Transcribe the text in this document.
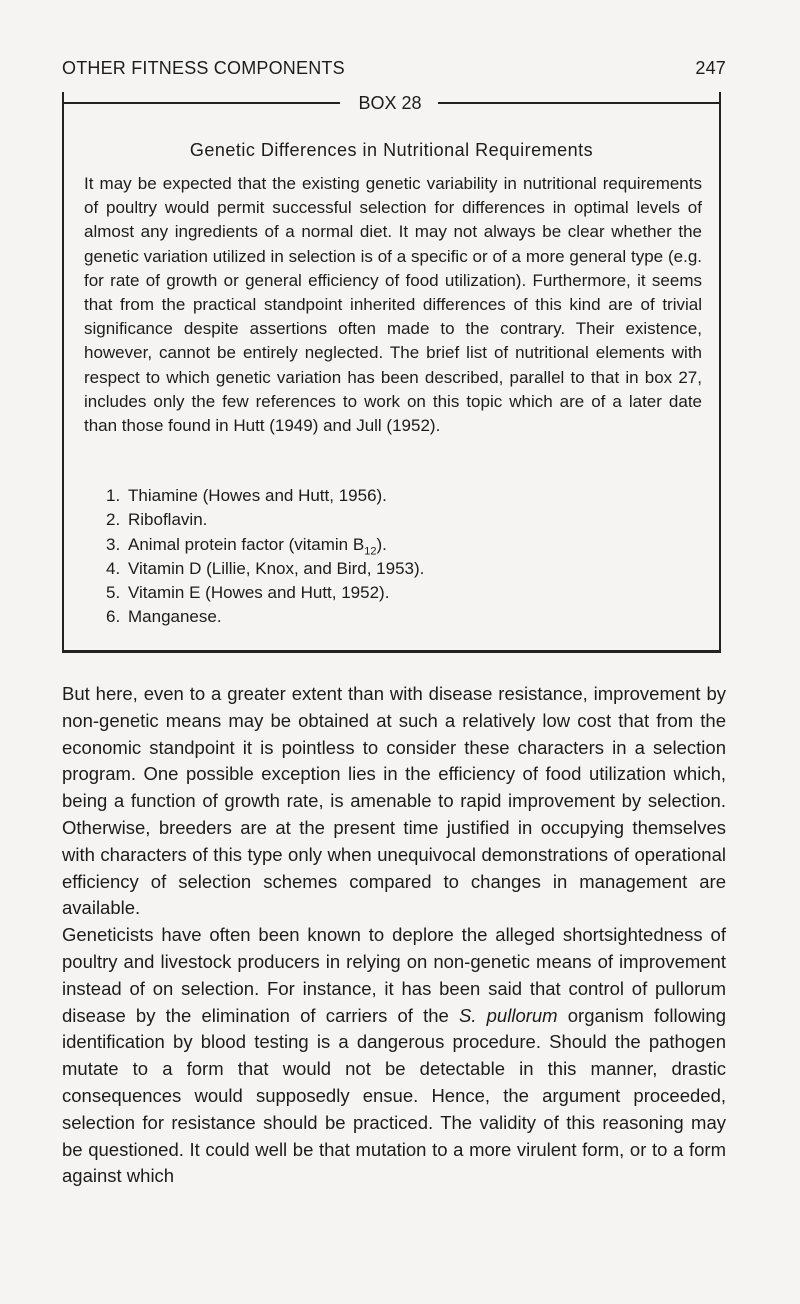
OTHER FITNESS COMPONENTS	247
BOX 28
Genetic Differences in Nutritional Requirements

It may be expected that the existing genetic variability in nutritional requirements of poultry would permit successful selection for differences in optimal levels of almost any ingredients of a normal diet. It may not always be clear whether the genetic variation utilized in selection is of a specific or of a more general type (e.g. for rate of growth or general efficiency of food utilization). Furthermore, it seems that from the practical standpoint inherited differences of this kind are of trivial significance despite assertions often made to the contrary. Their existence, however, cannot be entirely neglected. The brief list of nutritional elements with respect to which genetic variation has been described, parallel to that in box 27, includes only the few references to work on this topic which are of a later date than those found in Hutt (1949) and Jull (1952).

1. Thiamine (Howes and Hutt, 1956).
2. Riboflavin.
3. Animal protein factor (vitamin $B_{12}$).
4. Vitamin D (Lillie, Knox, and Bird, 1953).
5. Vitamin E (Howes and Hutt, 1952).
6. Manganese.

But here, even to a greater extent than with disease resistance, improvement by non-genetic means may be obtained at such a relatively low cost that from the economic standpoint it is pointless to consider these characters in a selection program. One possible exception lies in the efficiency of food utilization which, being a function of growth rate, is amenable to rapid improvement by selection. Otherwise, breeders are at the present time justified in occupying themselves with characters of this type only when unequivocal demonstrations of operational efficiency of selection schemes compared to changes in management are available.

Geneticists have often been known to deplore the alleged shortsightedness of poultry and livestock producers in relying on non-genetic means of improvement instead of on selection. For instance, it has been said that control of pullorum disease by the elimination of carriers of the S. pullorum organism following identification by blood testing is a dangerous procedure. Should the pathogen mutate to a form that would not be detectable in this manner, drastic consequences would supposedly ensue. Hence, the argument proceeded, selection for resistance should be practiced. The validity of this reasoning may be questioned. It could well be that mutation to a more virulent form, or to a form against which
